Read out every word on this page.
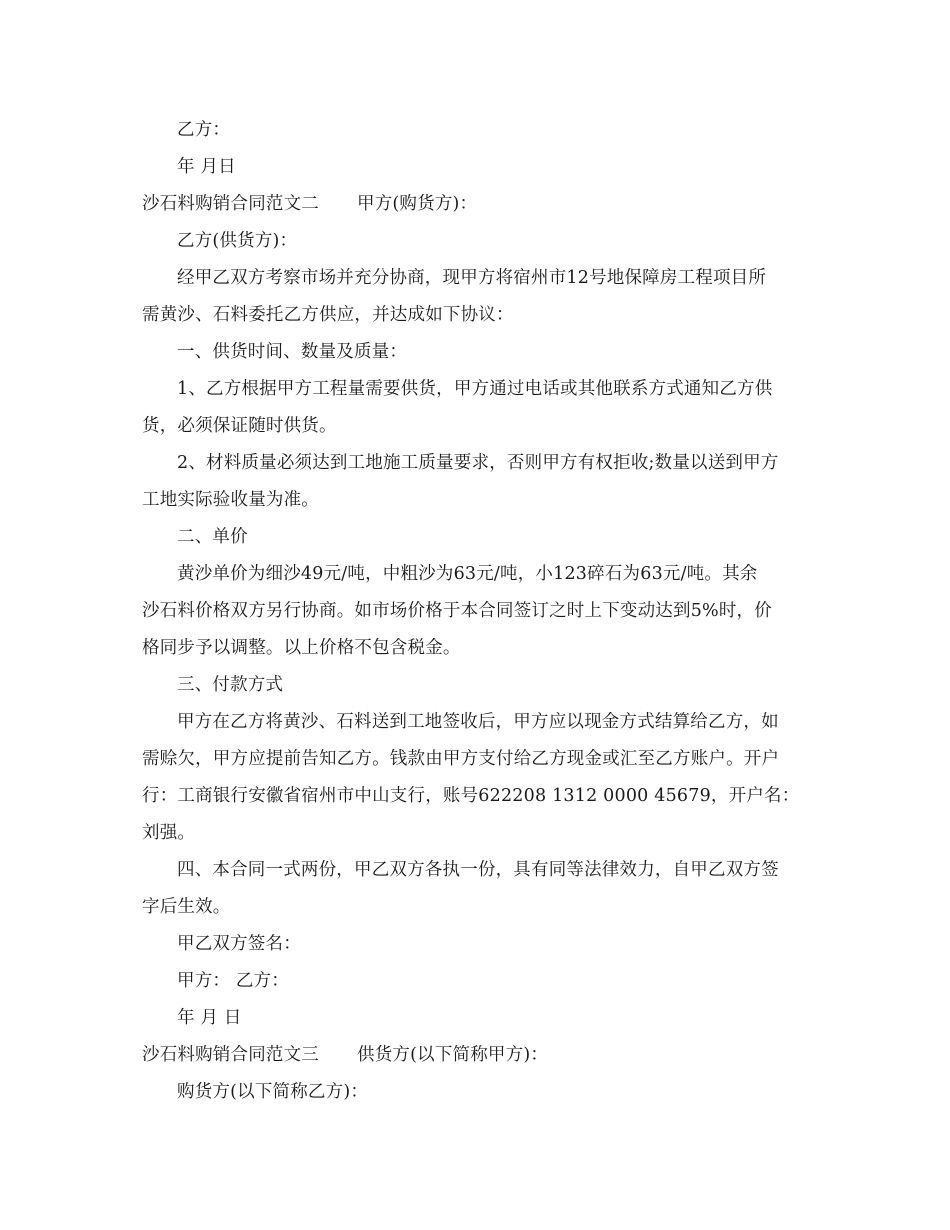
乙方：
年 月日
沙石料购销合同范文二 甲方(购货方)：
乙方(供货方)：
经甲乙双方考察市场并充分协商，现甲方将宿州市12号地保障房工程项目所
需黄沙、石料委托乙方供应，并达成如下协议：
一、供货时间、数量及质量：
1、乙方根据甲方工程量需要供货，甲方通过电话或其他联系方式通知乙方供
货，必须保证随时供货。
2、材料质量必须达到工地施工质量要求，否则甲方有权拒收;数量以送到甲方
工地实际验收量为准。
二、单价
黄沙单价为细沙49元/吨，中粗沙为63元/吨，小123碎石为63元/吨。其余
沙石料价格双方另行协商。如市场价格于本合同签订之时上下变动达到5%时，价
格同步予以调整。以上价格不包含税金。
三、付款方式
甲方在乙方将黄沙、石料送到工地签收后，甲方应以现金方式结算给乙方，如
需赊欠，甲方应提前告知乙方。钱款由甲方支付给乙方现金或汇至乙方账户。开户
行：工商银行安徽省宿州市中山支行，账号622208 1312 0000 45679，开户名：
刘强。
四、本合同一式两份，甲乙双方各执一份，具有同等法律效力，自甲乙双方签
字后生效。
甲乙双方签名：
甲方： 乙方：
年 月 日
沙石料购销合同范文三 供货方(以下简称甲方)：
购货方(以下简称乙方)：
